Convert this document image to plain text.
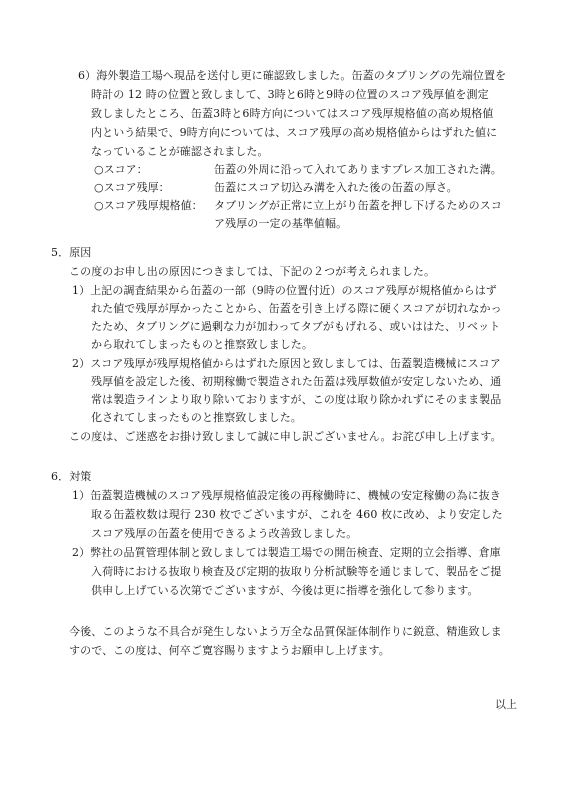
6）海外製造工場へ現品を送付し更に確認致しました。缶蓋のタブリングの先端位置を
時計の 12 時の位置と致しまして、3時と6時と9時の位置のスコア残厚値を測定
致しましたところ、缶蓋3時と6時方向についてはスコア残厚規格値の高め規格値
内という結果で、9時方向については、スコア残厚の高め規格値からはずれた値に
なっていることが確認されました。
○スコア：	缶蓋の外周に沿って入れてありますプレス加工された溝。
○スコア残厚：	缶蓋にスコア切込み溝を入れた後の缶蓋の厚さ。
○スコア残厚規格値： タブリングが正常に立上がり缶蓋を押し下げるためのスコ
ア残厚の一定の基準値幅。
5．原因
この度のお申し出の原因につきましては、下記の２つが考えられました。
1）上記の調査結果から缶蓋の一部（9時の位置付近）のスコア残厚が規格値からはず
れた値で残厚が厚かったことから、缶蓋を引き上げる際に硬くスコアが切れなかっ
たため、タブリングに過剰な力が加わってタブがもげれる、或いははた、リベット
から取れてしまったものと推察致しました。
2）スコア残厚が残厚規格値からはずれた原因と致しましては、缶蓋製造機械にスコア
残厚値を設定した後、初期稼働で製造された缶蓋は残厚数値が安定しないため、通
常は製造ラインより取り除いておりますが、この度は取り除かれずにそのまま製品
化されてしまったものと推察致しました。
この度は、ご迷惑をお掛け致しまして誠に申し訳ございません。お詫び申し上げます。
6．対策
1）缶蓋製造機械のスコア残厚規格値設定後の再稼働時に、機械の安定稼働の為に抜き
取る缶蓋枚数は現行 230 枚でございますが、これを 460 枚に改め、より安定した
スコア残厚の缶蓋を使用できるよう改善致しました。
2）弊社の品質管理体制と致しましては製造工場での開缶検査、定期的立会指導、倉庫
入荷時における抜取り検査及び定期的抜取り分析試験等を通じまして、製品をご提
供申し上げている次第でございますが、今後は更に指導を強化して参ります。
今後、このような不具合が発生しないよう万全な品質保証体制作りに鋭意、精進致しま
すので、この度は、何卒ご寛容賜りますようお願申し上げます。
以上
